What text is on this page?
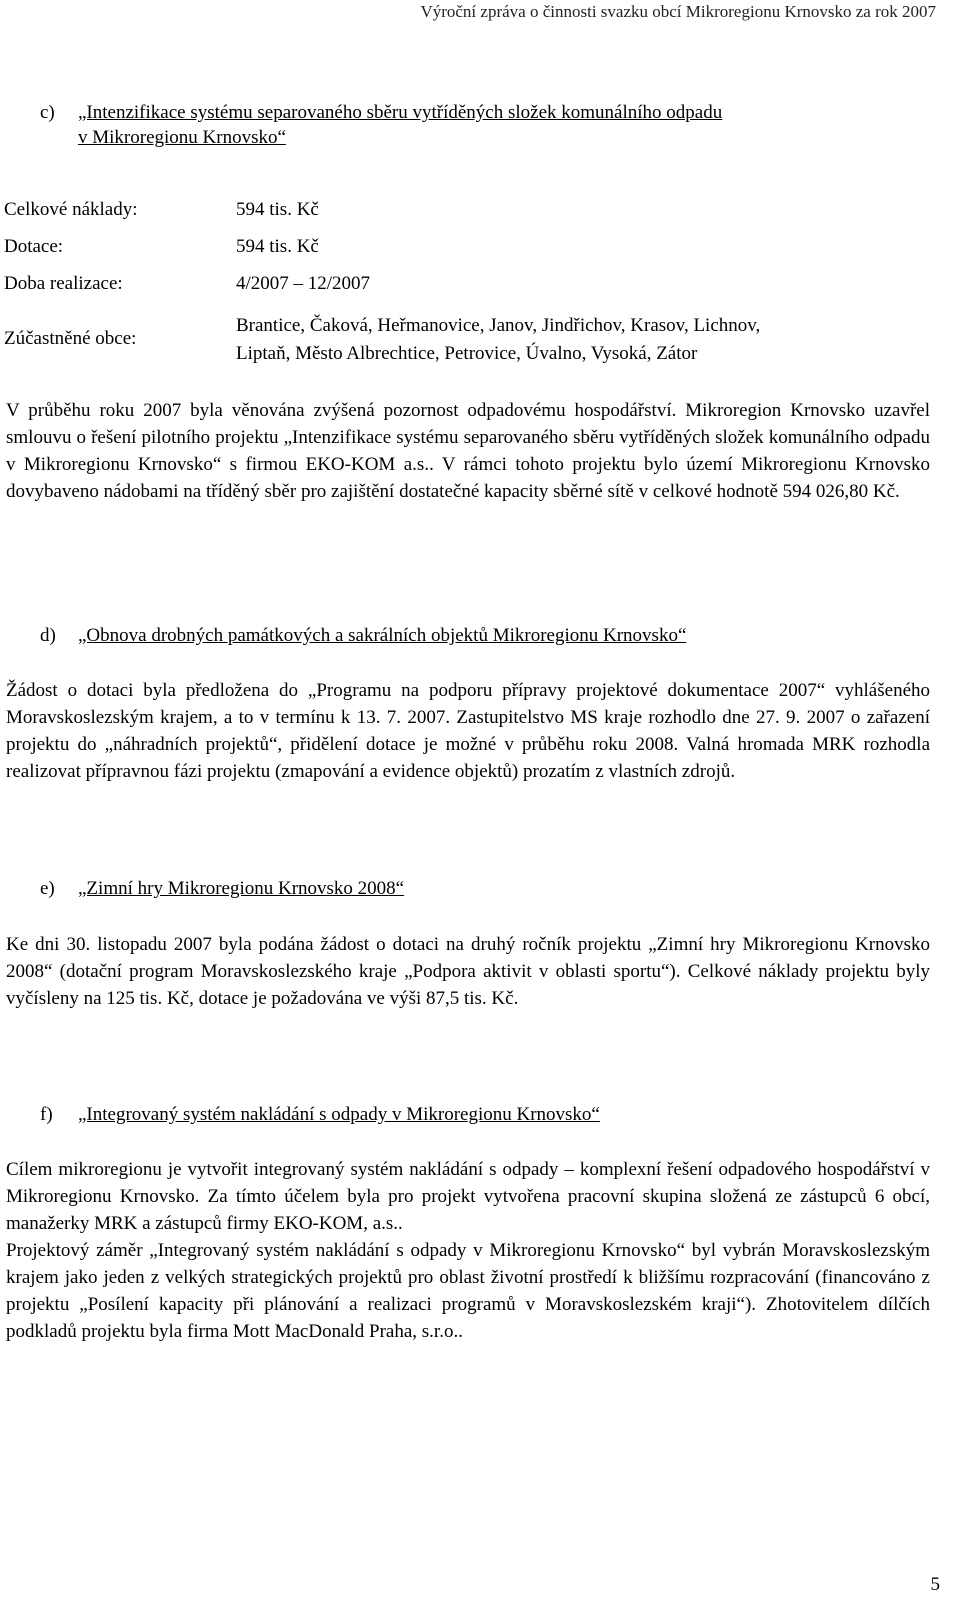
Výroční zpráva o činnosti svazku obcí Mikroregionu Krnovsko za rok 2007
c) „Intenzifikace systému separovaného sběru vytříděných složek komunálního odpadu
v Mikroregionu Krnovsko“
Celkové náklady:	594 tis. Kč
Dotace:	594 tis. Kč
Doba realizace:	4/2007 – 12/2007
Zúčastněné obce:
Brantice, Čaková, Heřmanovice, Janov, Jindřichov, Krasov, Lichnov,
Liptaň, Město Albrechtice, Petrovice, Úvalno, Vysoká, Zátor

V průběhu roku 2007 byla věnována zvýšená pozornost odpadovému hospodářství. Mikroregion Krnovsko uzavřel smlouvu o řešení pilotního projektu „Intenzifikace systému separovaného sběru vytříděných složek komunálního odpadu v Mikroregionu Krnovsko“ s firmou EKO-KOM a.s.. V rámci tohoto projektu bylo území Mikroregionu Krnovsko dovybaveno nádobami na tříděný sběr pro zajištění dostatečné kapacity sběrné sítě v celkové hodnotě 594 026,80 Kč.

d) „Obnova drobných památkových a sakrálních objektů Mikroregionu Krnovsko“

Žádost o dotaci byla předložena do „Programu na podporu přípravy projektové dokumentace 2007“ vyhlášeného Moravskoslezským krajem, a to v termínu k 13. 7. 2007. Zastupitelstvo MS kraje rozhodlo dne 27. 9. 2007 o zařazení projektu do „náhradních projektů“, přidělení dotace je možné v průběhu roku 2008. Valná hromada MRK rozhodla realizovat přípravnou fázi projektu (zmapování a evidence objektů) prozatím z vlastních zdrojů.

e) „Zimní hry Mikroregionu Krnovsko 2008“

Ke dni 30. listopadu 2007 byla podána žádost o dotaci na druhý ročník projektu „Zimní hry Mikroregionu Krnovsko 2008“ (dotační program Moravskoslezského kraje „Podpora aktivit v oblasti sportu“). Celkové náklady projektu byly vyčísleny na 125 tis. Kč, dotace je požadována ve výši 87,5 tis. Kč.

f) „Integrovaný systém nakládání s odpady v Mikroregionu Krnovsko“

Cílem mikroregionu je vytvořit integrovaný systém nakládání s odpady – komplexní řešení odpadového hospodářství v Mikroregionu Krnovsko. Za tímto účelem byla pro projekt vytvořena pracovní skupina složená ze zástupců 6 obcí, manažerky MRK a zástupců firmy EKO-KOM, a.s..

Projektový záměr „Integrovaný systém nakládání s odpady v Mikroregionu Krnovsko“ byl vybrán Moravskoslezským krajem jako jeden z velkých strategických projektů pro oblast životní prostředí k bližšímu rozpracování (financováno z projektu „Posílení kapacity při plánování a realizaci programů v Moravskoslezském kraji“). Zhotovitelem dílčích podkladů projektu byla firma Mott MacDonald Praha, s.r.o..

5
